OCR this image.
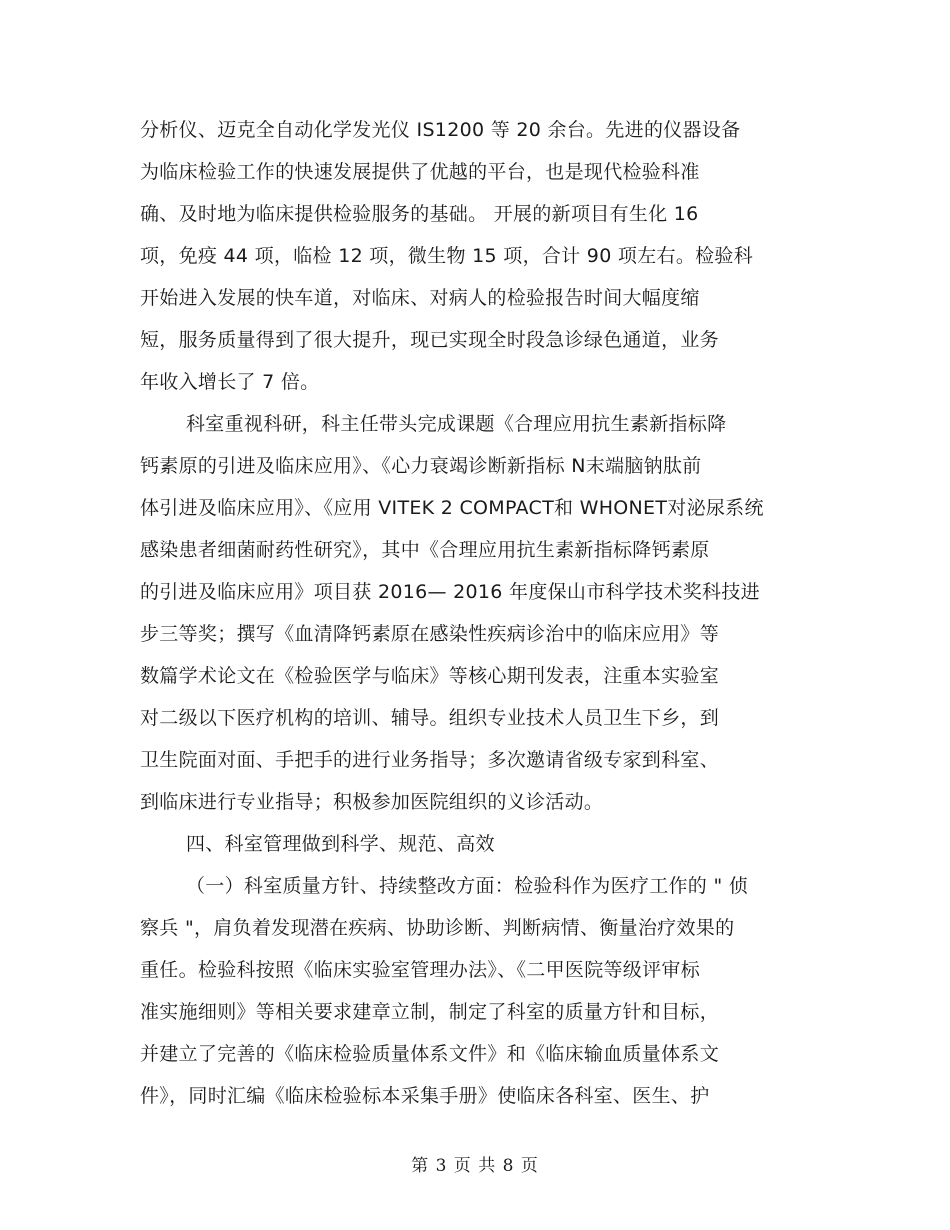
分析仪、迈克全自动化学发光仪 IS1200 等 20 余台。先进的仪器设备
为临床检验工作的快速发展提供了优越的平台，也是现代检验科准
确、及时地为临床提供检验服务的基础。 开展的新项目有生化 16
项，免疫 44 项，临检 12 项，微生物 15 项，合计 90 项左右。检验科
开始进入发展的快车道，对临床、对病人的检验报告时间大幅度缩
短，服务质量得到了很大提升，现已实现全时段急诊绿色通道，业务
年收入增长了 7 倍。
科室重视科研，科主任带头完成课题《合理应用抗生素新指标降
钙素原的引进及临床应用》、《心力衰竭诊断新指标 N末端脑钠肽前
体引进及临床应用》、《应用 VITEK 2 COMPACT和 WHONET对泌尿系统
感染患者细菌耐药性研究》，其中《合理应用抗生素新指标降钙素原
的引进及临床应用》项目获 2016— 2016 年度保山市科学技术奖科技进
步三等奖；撰写《血清降钙素原在感染性疾病诊治中的临床应用》等
数篇学术论文在《检验医学与临床》等核心期刊发表，注重本实验室
对二级以下医疗机构的培训、辅导。组织专业技术人员卫生下乡，到
卫生院面对面、手把手的进行业务指导；多次邀请省级专家到科室、
到临床进行专业指导；积极参加医院组织的义诊活动。
四、科室管理做到科学、规范、高效
（一）科室质量方针、持续整改方面：检验科作为医疗工作的 " 侦
察兵 "，肩负着发现潜在疾病、协助诊断、判断病情、衡量治疗效果的
重任。检验科按照《临床实验室管理办法》、《二甲医院等级评审标
准实施细则》等相关要求建章立制，制定了科室的质量方针和目标，
并建立了完善的《临床检验质量体系文件》和《临床输血质量体系文
件》，同时汇编《临床检验标本采集手册》使临床各科室、医生、护
第 3 页 共 8 页
